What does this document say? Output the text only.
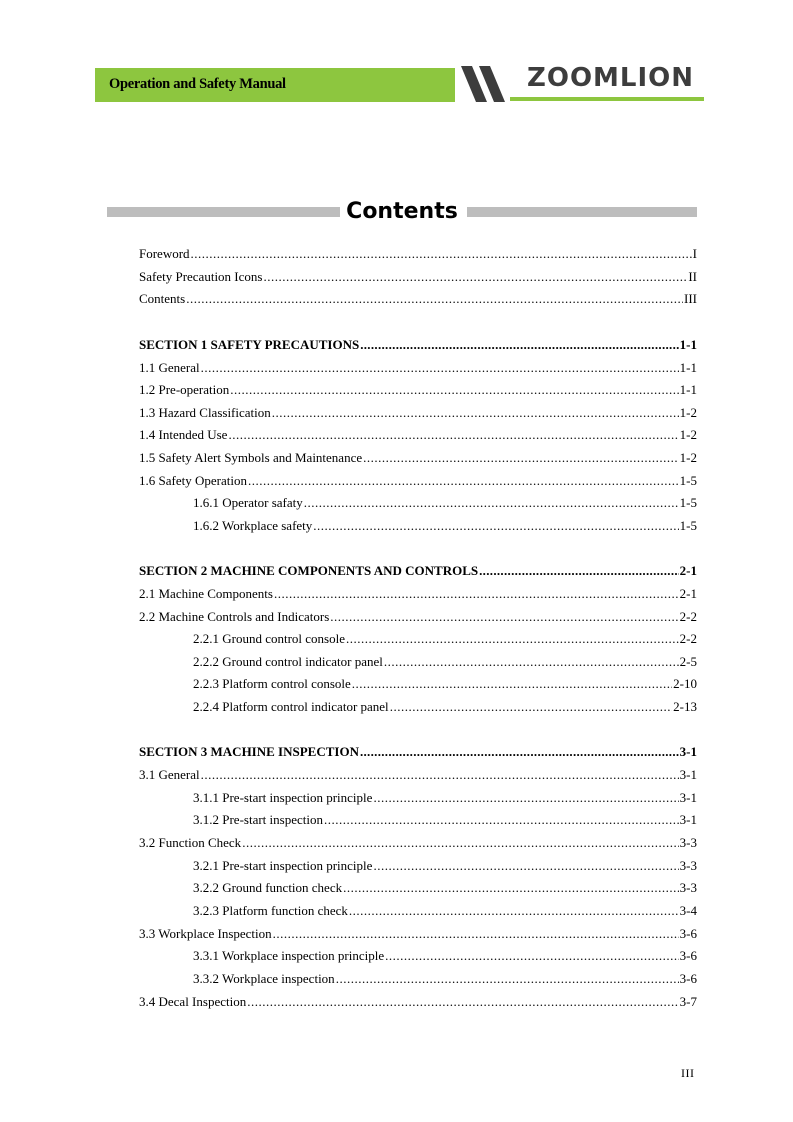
Operation and Safety Manual	ZOOMLION
Contents
Foreword .....	I
Safety Precaution Icons .....	II
Contents .....	III
SECTION 1 SAFETY PRECAUTIONS .....	1-1
1.1 General .....	1-1
1.2 Pre-operation .....	1-1
1.3 Hazard Classification .....	1-2
1.4 Intended Use .....	1-2
1.5 Safety Alert Symbols and Maintenance .....	1-2
1.6 Safety Operation .....	1-5
1.6.1 Operator safaty .....	1-5
1.6.2 Workplace safety .....	1-5
SECTION 2 MACHINE COMPONENTS AND CONTROLS .....	2-1
2.1 Machine Components .....	2-1
2.2 Machine Controls and Indicators .....	2-2
2.2.1 Ground control console .....	2-2
2.2.2 Ground control indicator panel .....	2-5
2.2.3 Platform control console .....	2-10
2.2.4 Platform control indicator panel .....	2-13
SECTION 3 MACHINE INSPECTION .....	3-1
3.1 General .....	3-1
3.1.1 Pre-start inspection principle .....	3-1
3.1.2 Pre-start inspection .....	3-1
3.2 Function Check .....	3-3
3.2.1 Pre-start inspection principle .....	3-3
3.2.2 Ground function check .....	3-3
3.2.3 Platform function check .....	3-4
3.3 Workplace Inspection .....	3-6
3.3.1 Workplace inspection principle .....	3-6
3.3.2 Workplace inspection .....	3-6
3.4 Decal Inspection .....	3-7
III
